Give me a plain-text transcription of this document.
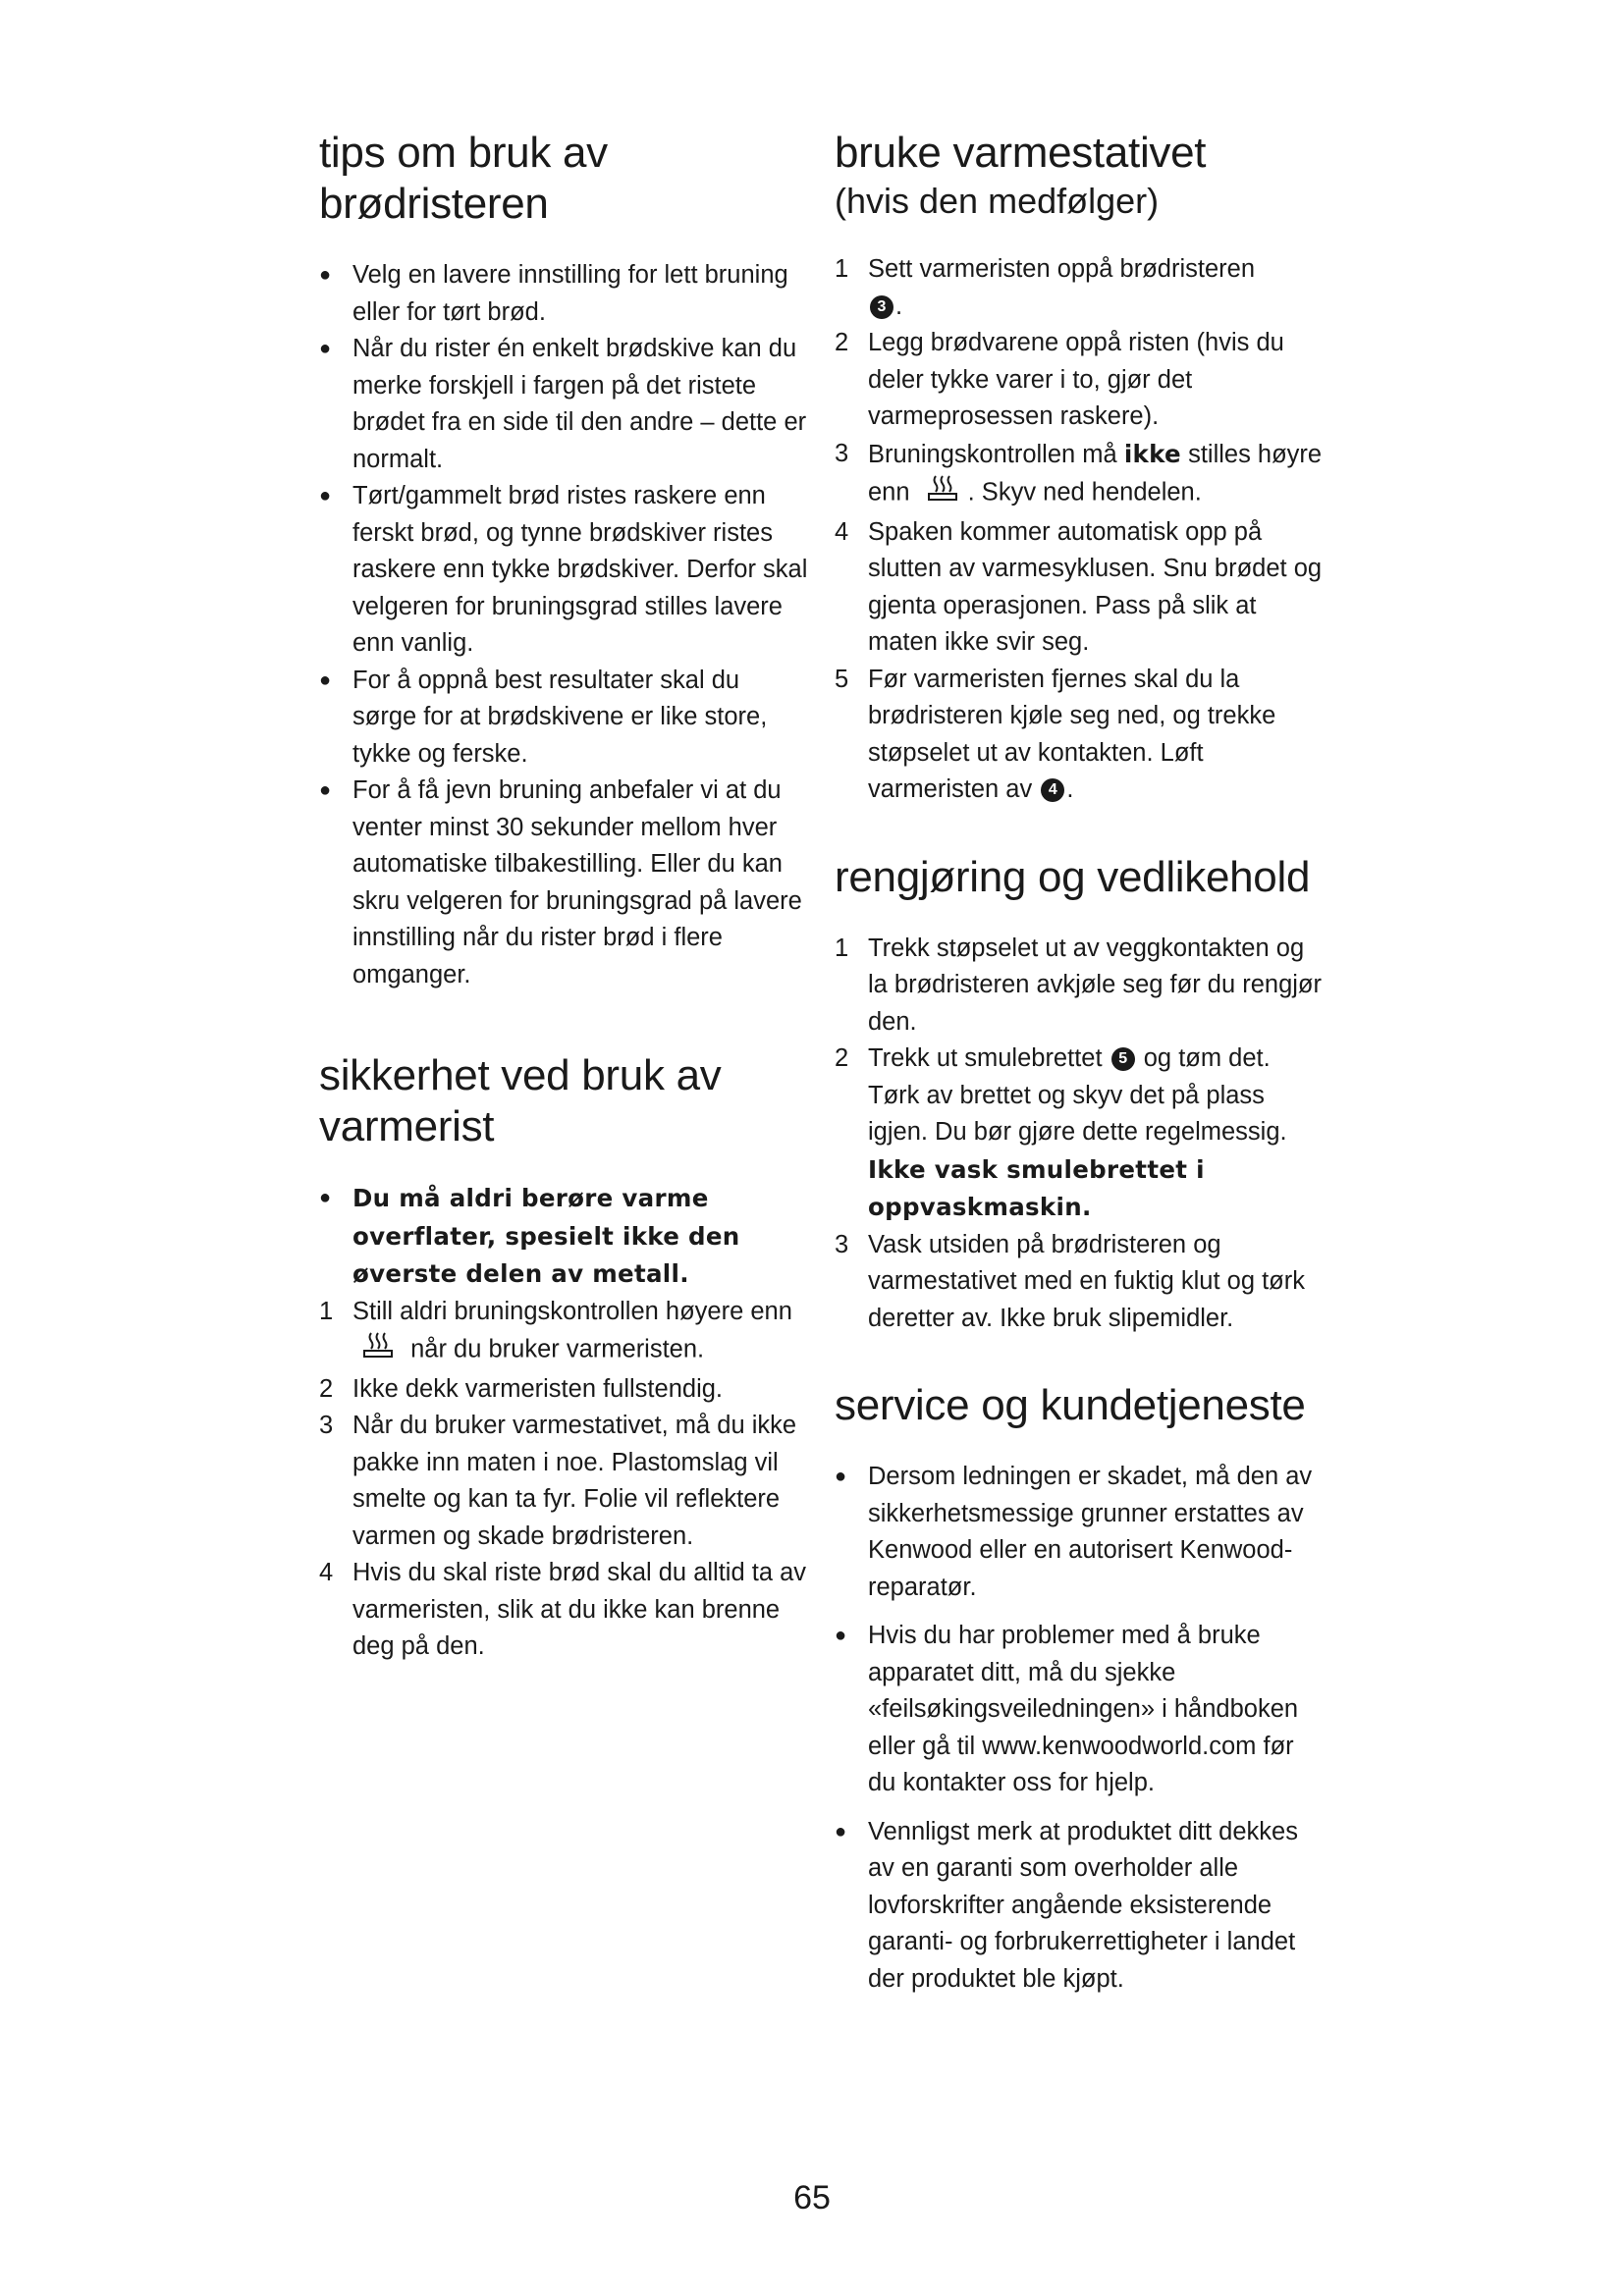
tips om bruk av
brødristeren
● Velg en lavere innstilling for lett bruning eller for tørt brød.
● Når du rister én enkelt brødskive kan du merke forskjell i fargen på det ristete brødet fra en side til den andre – dette er normalt.
● Tørt/gammelt brød ristes raskere enn ferskt brød, og tynne brødskiver ristes raskere enn tykke brødskiver. Derfor skal velgeren for bruningsgrad stilles lavere enn vanlig.
● For å oppnå best resultater skal du sørge for at brødskivene er like store, tykke og ferske.
● For å få jevn bruning anbefaler vi at du venter minst 30 sekunder mellom hver automatiske tilbakestilling. Eller du kan skru velgeren for bruningsgrad på lavere innstilling når du rister brød i flere omganger.
sikkerhet ved bruk av
varmerist
● Du må aldri berøre varme overflater, spesielt ikke den øverste delen av metall.
1 Still aldri bruningskontrollen høyere enn  når du bruker varmeristen.
2 Ikke dekk varmeristen fullstendig.
3 Når du bruker varmestativet, må du ikke pakke inn maten i noe. Plastomslag vil smelte og kan ta fyr. Folie vil reflektere varmen og skade brødristeren.
4 Hvis du skal riste brød skal du alltid ta av varmeristen, slik at du ikke kan brenne deg på den.
bruke varmestativet

(hvis den medfølger)

1 Sett varmeristen oppå brødristeren
3 .
2 Legg brødvarene oppå risten (hvis du deler tykke varer i to, gjør det varmeprosessen raskere).
3 Bruningskontrollen må ikke stilles høyre enn . Skyv ned hendelen.
4 Spaken kommer automatisk opp på slutten av varmesyklusen. Snu brødet og gjenta operasjonen. Pass på slik at maten ikke svir seg.
5 Før varmeristen fjernes skal du la brødristeren kjøle seg ned, og trekke støpselet ut av kontakten. Løft varmeristen av 4 .
rengjøring og vedlikehold
1 Trekk støpselet ut av veggkontakten og la brødristeren avkjøle seg før du rengjør den.
2 Trekk ut smulebrettet 5 og tøm det. Tørk av brettet og skyv det på plass igjen. Du bør gjøre dette regelmessig. Ikke vask smulebrettet i oppvaskmaskin.
3 Vask utsiden på brødristeren og varmestativet med en fuktig klut og tørk deretter av. Ikke bruk slipemidler.
service og kundetjeneste
● Dersom ledningen er skadet, må den av sikkerhetsmessige grunner erstattes av Kenwood eller en autorisert Kenwood-reparatør.
● Hvis du har problemer med å bruke apparatet ditt, må du sjekke «feilsøkingsveiledningen» i håndboken eller gå til www.kenwoodworld.com før du kontakter oss for hjelp.
● Vennligst merk at produktet ditt dekkes av en garanti som overholder alle lovforskrifter angående eksisterende garanti- og forbrukerrettigheter i landet der produktet ble kjøpt.
65
